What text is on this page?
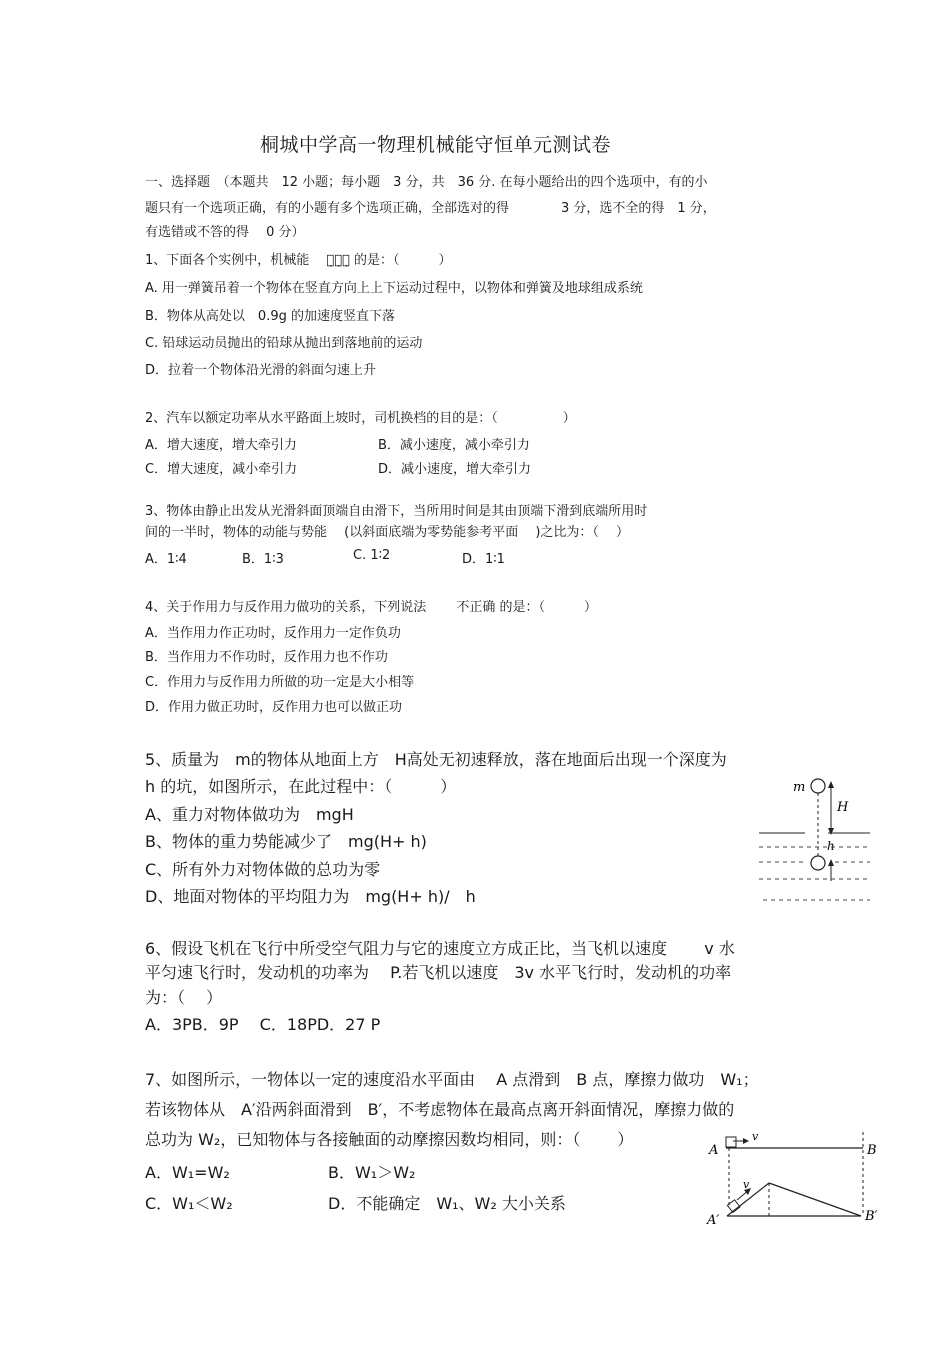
桐城中学高一物理机械能守恒单元测试卷
一、选择题　（本题共　12 小题；每小题　3 分，共　36 分. 在每小题给出的四个选项中，有的小
题只有一个选项正确，有的小题有多个选项正确，全部选对的得　　　　3 分，选不全的得　1 分，
有选错或不答的得　 0 分）
1、下面各个实例中，机械能　 不̣守̣恒̣ 的是：（　　　）
A. 用一弹簧吊着一个物体在竖直方向上上下运动过程中，以物体和弹簧及地球组成系统
B．物体从高处以　0.9g 的加速度竖直下落
C. 铅球运动员抛出的铅球从抛出到落地前的运动
D．拉着一个物体沿光滑的斜面匀速上升
2、汽车以额定功率从水平路面上坡时，司机换档的目的是：（　　　　　）
A．增大速度，增大牵引力	B．减小速度，减小牵引力
C．增大速度，减小牵引力	D．减小速度，增大牵引力
3、物体由静止出发从光滑斜面顶端自由滑下，当所用时间是其由顶端下滑到底端所用时
间的一半时，物体的动能与势能　 (以斜面底端为零势能参考平面　 )之比为：（　 ）
A．1∶4	B．1∶3	C. 1∶2	D．1∶1
4、关于作用力与反作用力做功的关系，下列说法　　 不正确 的是：（　　　）
A．当作用力作正功时，反作用力一定作负功
B．当作用力不作功时，反作用力也不作功
C．作用力与反作用力所做的功一定是大小相等
D．作用力做正功时，反作用力也可以做正功
5、质量为　m的物体从地面上方　H高处无初速释放，落在地面后出现一个深度为
h 的坑，如图所示，在此过程中：（　　　）
A、重力对物体做功为　mgH
B、物体的重力势能减少了　mg(H+ h)
C、所有外力对物体做的总功为零
D、地面对物体的平均阻力为　mg(H+ h)/　h
m
H
h
6、假设飞机在飞行中所受空气阻力与它的速度立方成正比，当飞机以速度　　 v 水
平匀速飞行时，发动机的功率为　 P.若飞机以速度　3v 水平飞行时，发动机的功率
为：（　 ）
A．3PB．9P　 C．18PD．27 P
7、如图所示，一物体以一定的速度沿水平面由　 A 点滑到　B 点，摩擦力做功　W₁；
若该物体从　A′沿两斜面滑到　B′，不考虑物体在最高点离开斜面情况，摩擦力做的
总功为 W₂，已知物体与各接触面的动摩擦因数均相同，则：（　　 ）
A．W₁=W₂	B．W₁＞W₂
C．W₁＜W₂	D．不能确定　W₁、W₂ 大小关系
A
v
B
v
A′	B′
